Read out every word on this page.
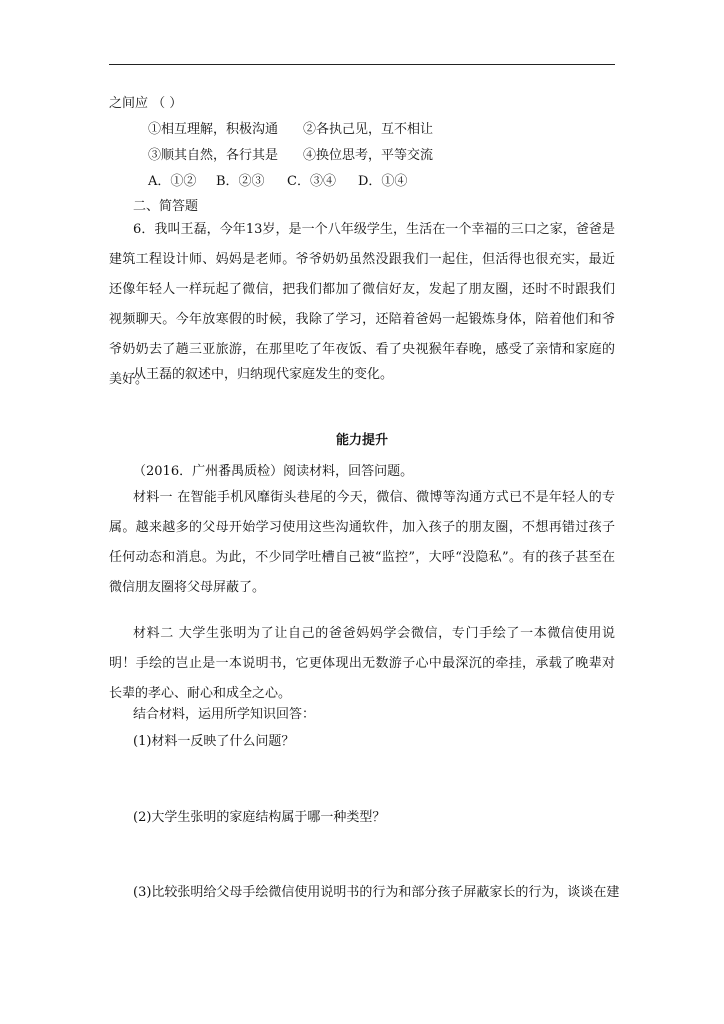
之间应 （ ）
①相互理解，积极沟通 ②各执己见，互不相让
③顺其自然，各行其是 ④换位思考，平等交流
A．①② B．②③ C．③④ D．①④
二、简答题
6．我叫王磊，今年13岁，是一个八年级学生，生活在一个幸福的三口之家，爸爸是建筑工程设计师、妈妈是老师。爷爷奶奶虽然没跟我们一起住，但活得也很充实，最近还像年轻人一样玩起了微信，把我们都加了微信好友，发起了朋友圈，还时不时跟我们视频聊天。今年放寒假的时候，我除了学习，还陪着爸妈一起锻炼身体，陪着他们和爷爷奶奶去了趟三亚旅游，在那里吃了年夜饭、看了央视猴年春晚，感受了亲情和家庭的美好。
从王磊的叙述中，归纳现代家庭发生的变化。
能力提升
（2016．广州番禺质检）阅读材料，回答问题。
材料一 在智能手机风靡街头巷尾的今天，微信、微博等沟通方式已不是年轻人的专属。越来越多的父母开始学习使用这些沟通软件，加入孩子的朋友圈，不想再错过孩子任何动态和消息。为此，不少同学吐槽自己被“监控”，大呼“没隐私”。有的孩子甚至在微信朋友圈将父母屏蔽了。
材料二 大学生张明为了让自己的爸爸妈妈学会微信，专门手绘了一本微信使用说明！手绘的岂止是一本说明书，它更体现出无数游子心中最深沉的牵挂，承载了晚辈对长辈的孝心、耐心和成全之心。
结合材料，运用所学知识回答：
(1)材料一反映了什么问题？
(2)大学生张明的家庭结构属于哪一种类型？
(3)比较张明给父母手绘微信使用说明书的行为和部分孩子屏蔽家长的行为，谈谈在建
